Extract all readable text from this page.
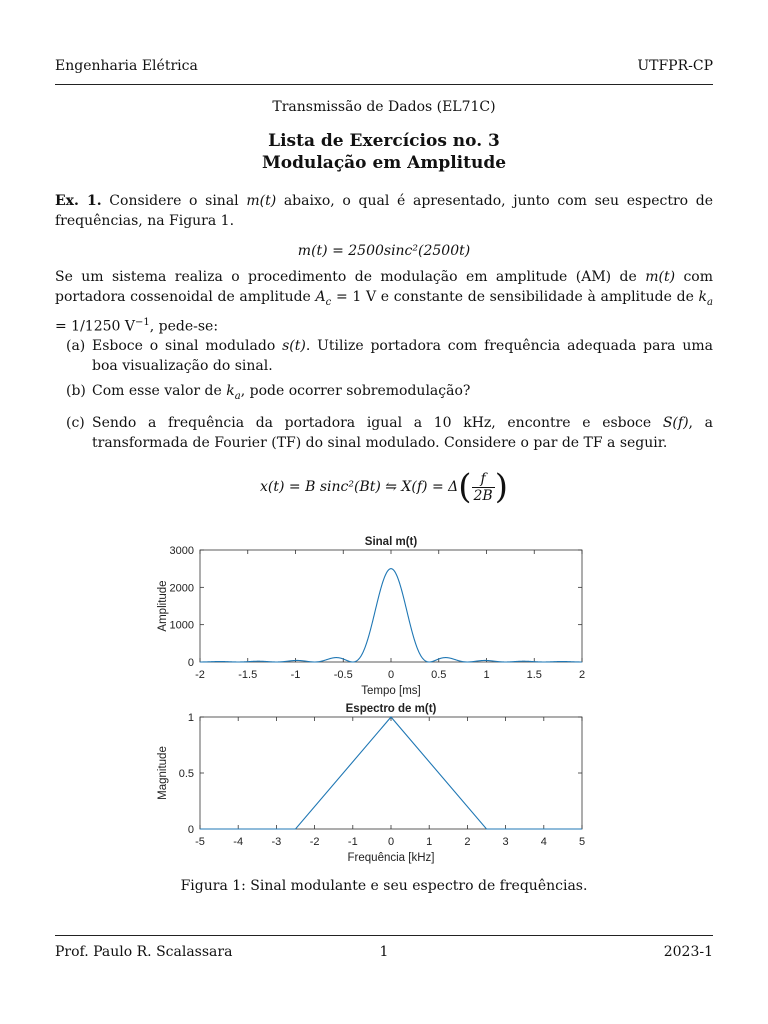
Engenharia Elétrica	UTFPR-CP
Transmissão de Dados (EL71C)
Lista de Exercícios no. 3
Modulação em Amplitude
Ex. 1. Considere o sinal m(t) abaixo, o qual é apresentado, junto com seu espectro de frequências, na Figura 1.
m(t) = 2500sinc²(2500t)
Se um sistema realiza o procedimento de modulação em amplitude (AM) de m(t) com portadora cossenoidal de amplitude $A_c = 1$ V e constante de sensibilidade à amplitude de $k_a = 1/1250$ $V^{-1}$, pede-se:
(a) Esboce o sinal modulado s(t). Utilize portadora com frequência adequada para uma boa visualização do sinal.
(b) Com esse valor de $k_a$, pode ocorrer sobremodulação?
(c) Sendo a frequência da portadora igual a 10 kHz, encontre e esboce S(f), a transformada de Fourier (TF) do sinal modulado. Considere o par de TF a seguir.
x(t) = B sinc²(Bt) ⇋ $X(f) = \Delta( \frac{f}{2B}$ )
-2	-1.5	-1	-0.5	0	0.5	1	1.5	2
0
1000
2000
3000
Sinal m(t)
Tempo [ms]
Amplitude
-5	-4	-3	-2	-1	0	1	2	3	4	5
0
0.5
1
Espectro de m(t)
Frequência [kHz]
Magnitude
Figura 1: Sinal modulante e seu espectro de frequências.
Prof. Paulo R. Scalassara	1	2023-1
